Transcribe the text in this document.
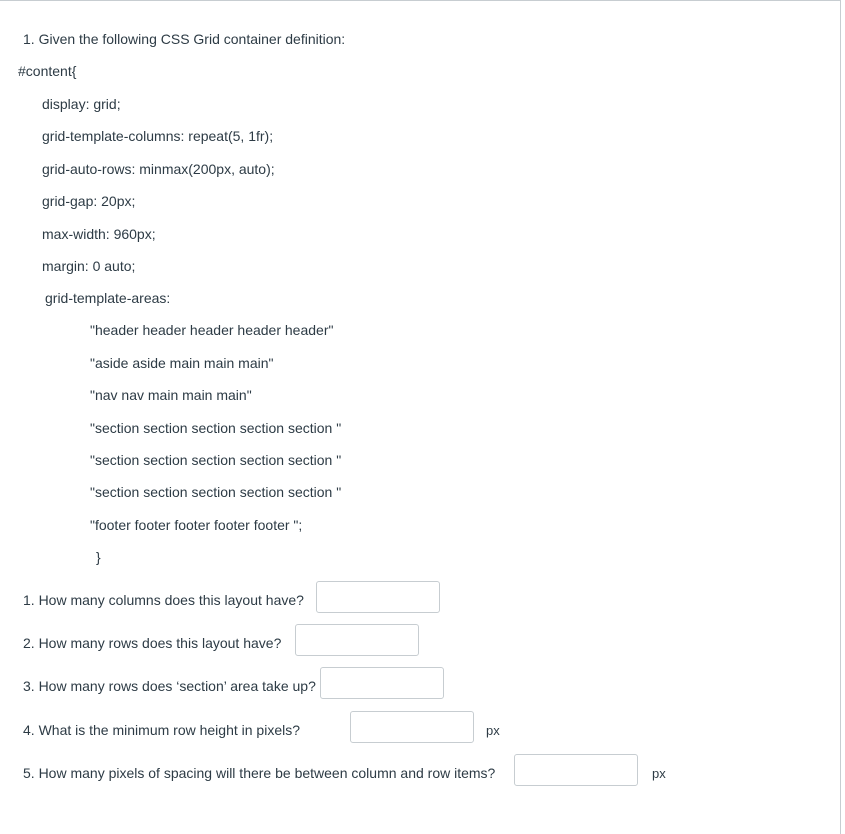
1. Given the following CSS Grid container definition:
#content{
display: grid;
grid-template-columns: repeat(5, 1fr);
grid-auto-rows: minmax(200px, auto);
grid-gap: 20px;
max-width: 960px;
margin: 0 auto;
grid-template-areas:
"header header header header header"
"aside aside main main main"
"nav nav main main main"
"section section section section section "
"section section section section section "
"section section section section section "
"footer footer footer footer footer ";
}
1. How many columns does this layout have?
2. How many rows does this layout have?
3. How many rows does ‘section’ area take up?
4. What is the minimum row height in pixels?	px
5. How many pixels of spacing will there be between column and row items?	px
